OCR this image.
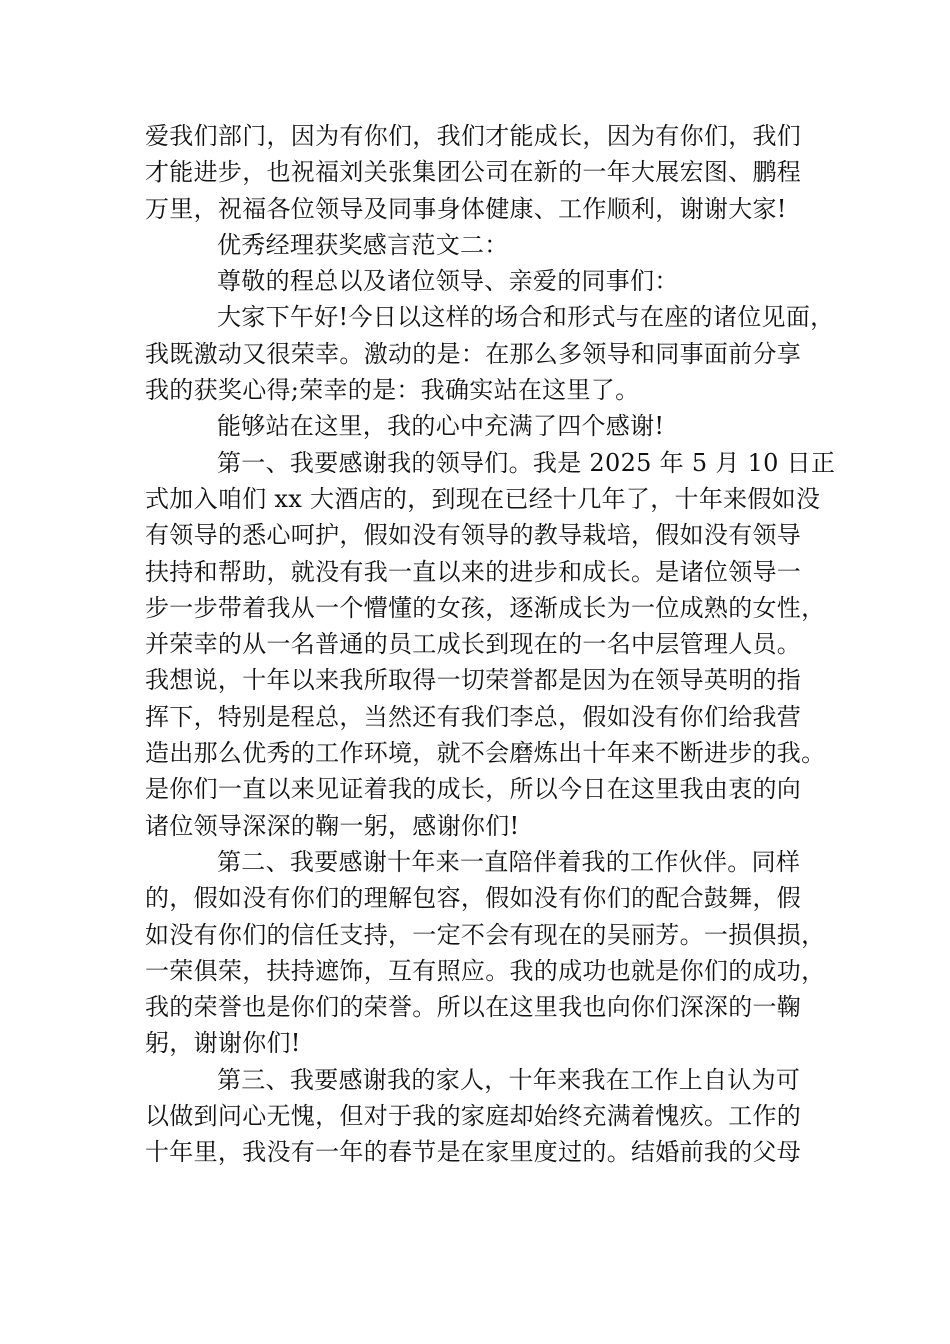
爱我们部门，因为有你们，我们才能成长，因为有你们，我们
才能进步，也祝福刘关张集团公司在新的一年大展宏图、鹏程
万里，祝福各位领导及同事身体健康、工作顺利，谢谢大家!
优秀经理获奖感言范文二：
尊敬的程总以及诸位领导、亲爱的同事们：
大家下午好!今日以这样的场合和形式与在座的诸位见面，
我既激动又很荣幸。激动的是：在那么多领导和同事面前分享
我的获奖心得;荣幸的是：我确实站在这里了。
能够站在这里，我的心中充满了四个感谢!
第一、我要感谢我的领导们。我是 2025 年 5 月 10 日正
式加入咱们 xx 大酒店的，到现在已经十几年了，十年来假如没
有领导的悉心呵护，假如没有领导的教导栽培，假如没有领导
扶持和帮助，就没有我一直以来的进步和成长。是诸位领导一
步一步带着我从一个懵懂的女孩，逐渐成长为一位成熟的女性，
并荣幸的从一名普通的员工成长到现在的一名中层管理人员。
我想说，十年以来我所取得一切荣誉都是因为在领导英明的指
挥下，特别是程总，当然还有我们李总，假如没有你们给我营
造出那么优秀的工作环境，就不会磨炼出十年来不断进步的我。
是你们一直以来见证着我的成长，所以今日在这里我由衷的向
诸位领导深深的鞠一躬，感谢你们!
第二、我要感谢十年来一直陪伴着我的工作伙伴。同样
的，假如没有你们的理解包容，假如没有你们的配合鼓舞，假
如没有你们的信任支持，一定不会有现在的吴丽芳。一损俱损，
一荣俱荣，扶持遮饰，互有照应。我的成功也就是你们的成功，
我的荣誉也是你们的荣誉。所以在这里我也向你们深深的一鞠
躬，谢谢你们!
第三、我要感谢我的家人，十年来我在工作上自认为可
以做到问心无愧，但对于我的家庭却始终充满着愧疚。工作的
十年里，我没有一年的春节是在家里度过的。结婚前我的父母
